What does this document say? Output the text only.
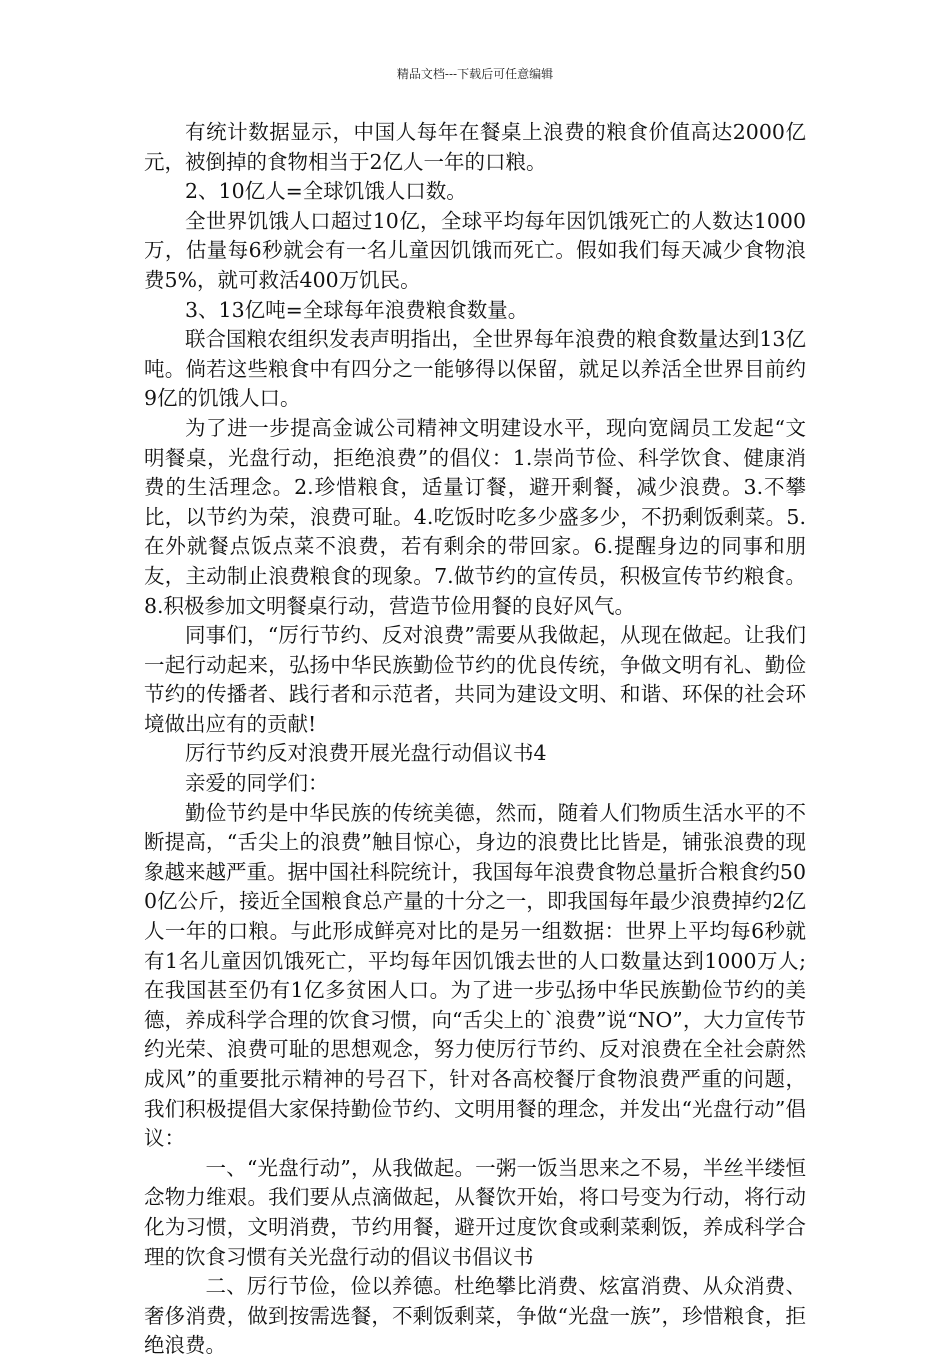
精品文档---下载后可任意编辑

有统计数据显示，中国人每年在餐桌上浪费的粮食价值高达2000亿元，被倒掉的食物相当于2亿人一年的口粮。

2、10亿人=全球饥饿人口数。

全世界饥饿人口超过10亿，全球平均每年因饥饿死亡的人数达1000万，估量每6秒就会有一名儿童因饥饿而死亡。假如我们每天减少食物浪费5%，就可救活400万饥民。

3、13亿吨=全球每年浪费粮食数量。

联合国粮农组织发表声明指出，全世界每年浪费的粮食数量达到13亿吨。倘若这些粮食中有四分之一能够得以保留，就足以养活全世界目前约9亿的饥饿人口。

为了进一步提高金诚公司精神文明建设水平，现向宽阔员工发起“文明餐桌，光盘行动，拒绝浪费”的倡仪：1.崇尚节俭、科学饮食、健康消费的生活理念。2.珍惜粮食，适量订餐，避开剩餐，减少浪费。3.不攀比，以节约为荣，浪费可耻。4.吃饭时吃多少盛多少，不扔剩饭剩菜。5.在外就餐点饭点菜不浪费，若有剩余的带回家。6.提醒身边的同事和朋友，主动制止浪费粮食的现象。7.做节约的宣传员，积极宣传节约粮食。8.积极参加文明餐桌行动，营造节俭用餐的良好风气。

同事们，“厉行节约、反对浪费”需要从我做起，从现在做起。让我们一起行动起来，弘扬中华民族勤俭节约的优良传统，争做文明有礼、勤俭节约的传播者、践行者和示范者，共同为建设文明、和谐、环保的社会环境做出应有的贡献!

厉行节约反对浪费开展光盘行动倡议书4

亲爱的同学们：

勤俭节约是中华民族的传统美德，然而，随着人们物质生活水平的不断提高，“舌尖上的浪费”触目惊心，身边的浪费比比皆是，铺张浪费的现象越来越严重。据中国社科院统计，我国每年浪费食物总量折合粮食约500亿公斤，接近全国粮食总产量的十分之一，即我国每年最少浪费掉约2亿人一年的口粮。与此形成鲜亮对比的是另一组数据：世界上平均每6秒就有1名儿童因饥饿死亡，平均每年因饥饿去世的人口数量达到1000万人;在我国甚至仍有1亿多贫困人口。为了进一步弘扬中华民族勤俭节约的美德，养成科学合理的饮食习惯，向“舌尖上的`浪费”说“NO”，大力宣传节约光荣、浪费可耻的思想观念，努力使厉行节约、反对浪费在全社会蔚然成风”的重要批示精神的号召下，针对各高校餐厅食物浪费严重的问题，我们积极提倡大家保持勤俭节约、文明用餐的理念，并发出“光盘行动”倡议：

一、“光盘行动”，从我做起。一粥一饭当思来之不易，半丝半缕恒念物力维艰。我们要从点滴做起，从餐饮开始，将口号变为行动，将行动化为习惯，文明消费，节约用餐，避开过度饮食或剩菜剩饭，养成科学合理的饮食习惯有关光盘行动的倡议书倡议书

二、厉行节俭，俭以养德。杜绝攀比消费、炫富消费、从众消费、奢侈消费，做到按需选餐，不剩饭剩菜，争做“光盘一族”，珍惜粮食，拒绝浪费。
